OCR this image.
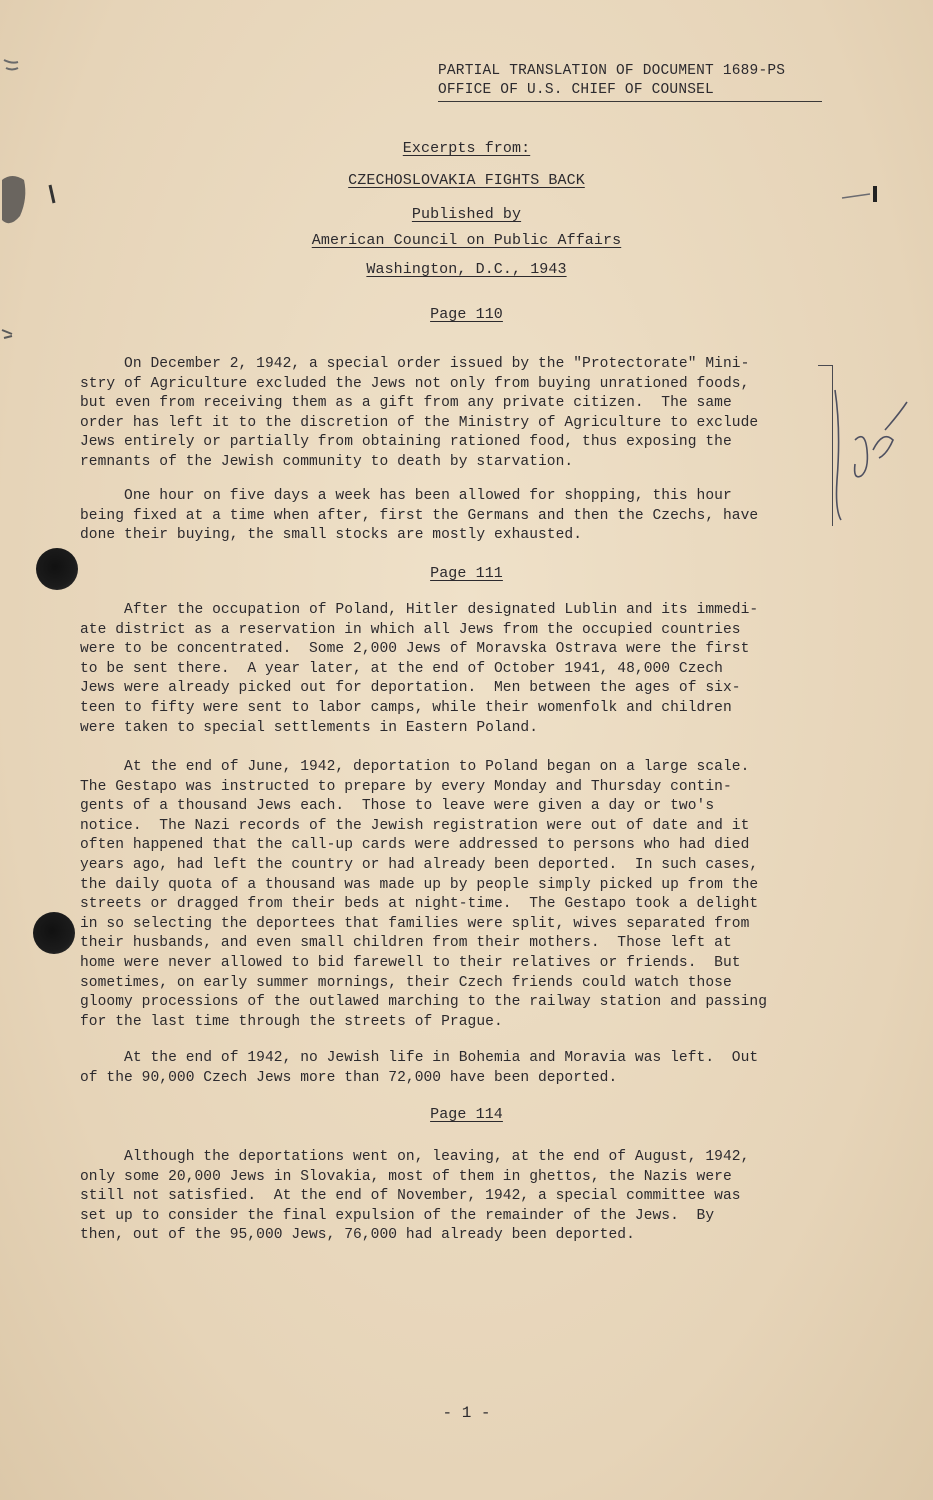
PARTIAL TRANSLATION OF DOCUMENT 1689-PS
OFFICE OF U.S. CHIEF OF COUNSEL
Excerpts from:
CZECHOSLOVAKIA FIGHTS BACK
Published by
American Council on Public Affairs
Washington, D.C., 1943
Page 110
On December 2, 1942, a special order issued by the "Protectorate" Mini-
stry of Agriculture excluded the Jews not only from buying unrationed foods,
but even from receiving them as a gift from any private citizen.  The same
order has left it to the discretion of the Ministry of Agriculture to exclude
Jews entirely or partially from obtaining rationed food, thus exposing the
remnants of the Jewish community to death by starvation.
One hour on five days a week has been allowed for shopping, this hour
being fixed at a time when after, first the Germans and then the Czechs, have
done their buying, the small stocks are mostly exhausted.
Page 111
After the occupation of Poland, Hitler designated Lublin and its immedi-
ate district as a reservation in which all Jews from the occupied countries
were to be concentrated.  Some 2,000 Jews of Moravska Ostrava were the first
to be sent there.  A year later, at the end of October 1941, 48,000 Czech
Jews were already picked out for deportation.  Men between the ages of six-
teen to fifty were sent to labor camps, while their womenfolk and children
were taken to special settlements in Eastern Poland.
At the end of June, 1942, deportation to Poland began on a large scale.
The Gestapo was instructed to prepare by every Monday and Thursday contin-
gents of a thousand Jews each.  Those to leave were given a day or two's
notice.  The Nazi records of the Jewish registration were out of date and it
often happened that the call-up cards were addressed to persons who had died
years ago, had left the country or had already been deported.  In such cases,
the daily quota of a thousand was made up by people simply picked up from the
streets or dragged from their beds at night-time.  The Gestapo took a delight
in so selecting the deportees that families were split, wives separated from
their husbands, and even small children from their mothers.  Those left at
home were never allowed to bid farewell to their relatives or friends.  But
sometimes, on early summer mornings, their Czech friends could watch those
gloomy processions of the outlawed marching to the railway station and passing
for the last time through the streets of Prague.
At the end of 1942, no Jewish life in Bohemia and Moravia was left.  Out
of the 90,000 Czech Jews more than 72,000 have been deported.
Page 114
Although the deportations went on, leaving, at the end of August, 1942,
only some 20,000 Jews in Slovakia, most of them in ghettos, the Nazis were
still not satisfied.  At the end of November, 1942, a special committee was
set up to consider the final expulsion of the remainder of the Jews.  By
then, out of the 95,000 Jews, 76,000 had already been deported.
- 1 -
